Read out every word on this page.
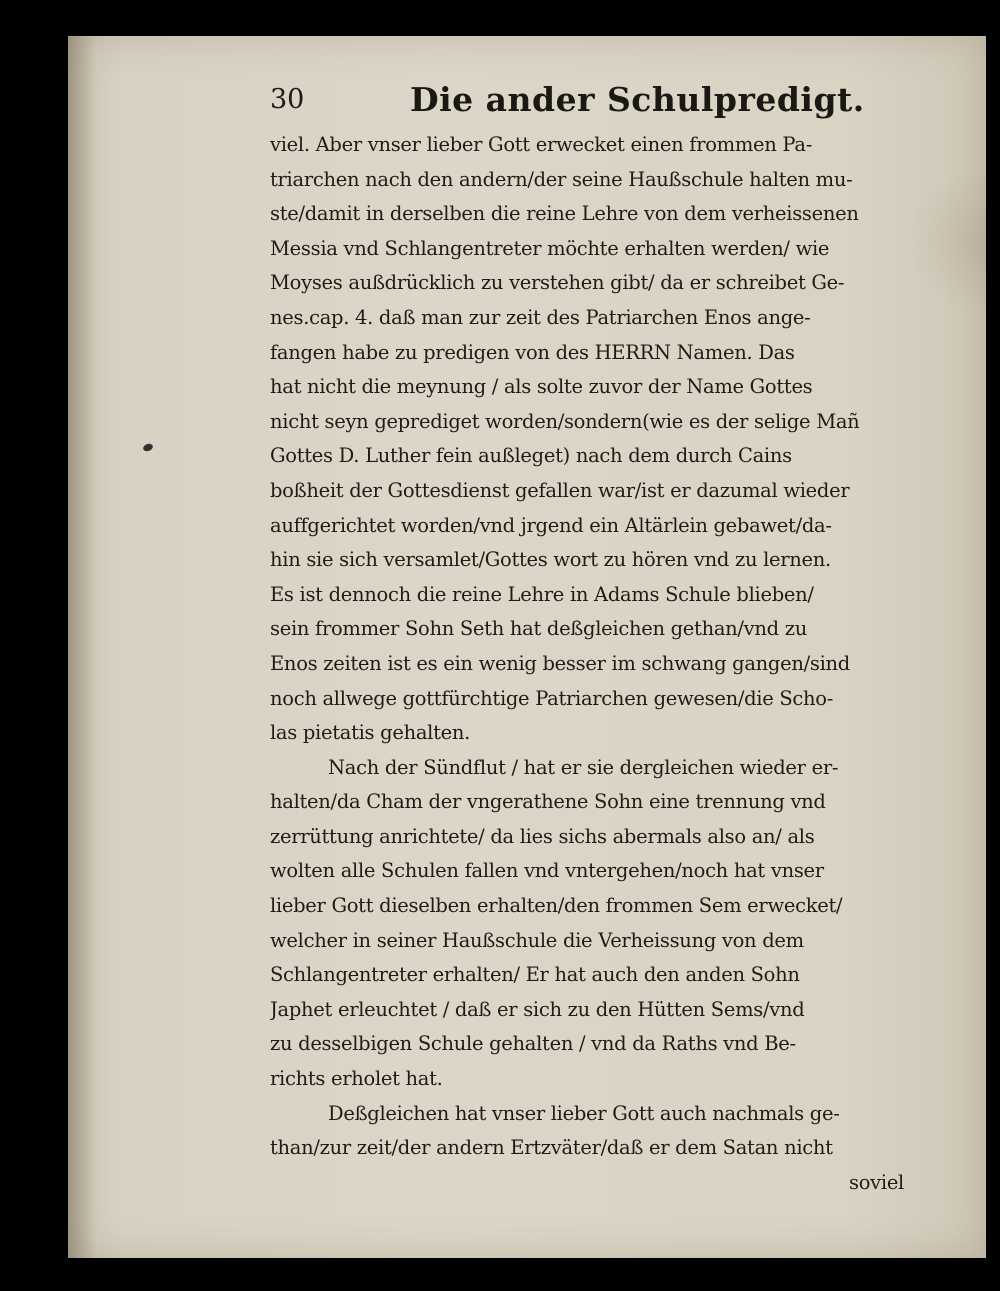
30	Die ander Schulpredigt.
viel. Aber vnser lieber Gott erwecket einen frommen Pa-
triarchen nach den andern/der seine Haußschule halten mu-
ste/damit in derselben die reine Lehre von dem verheissenen
Messia vnd Schlangentreter möchte erhalten werden/ wie
Moyses außdrücklich zu verstehen gibt/ da er schreibet Ge-
nes.cap. 4. daß man zur zeit des Patriarchen Enos ange-
fangen habe zu predigen von des HERRN Namen. Das
hat nicht die meynung / als solte zuvor der Name Gottes
nicht seyn geprediget worden/sondern(wie es der selige Mañ
Gottes D. Luther fein außleget) nach dem durch Cains
boßheit der Gottesdienst gefallen war/ist er dazumal wieder
auffgerichtet worden/vnd jrgend ein Altärlein gebawet/da-
hin sie sich versamlet/Gottes wort zu hören vnd zu lernen.
Es ist dennoch die reine Lehre in Adams Schule blieben/
sein frommer Sohn Seth hat deßgleichen gethan/vnd zu
Enos zeiten ist es ein wenig besser im schwang gangen/sind
noch allwege gottfürchtige Patriarchen gewesen/die Scho-
las pietatis gehalten.
Nach der Sündflut / hat er sie dergleichen wieder er-
halten/da Cham der vngerathene Sohn eine trennung vnd
zerrüttung anrichtete/ da lies sichs abermals also an/ als
wolten alle Schulen fallen vnd vntergehen/noch hat vnser
lieber Gott dieselben erhalten/den frommen Sem erwecket/
welcher in seiner Haußschule die Verheissung von dem
Schlangentreter erhalten/ Er hat auch den anden Sohn
Japhet erleuchtet / daß er sich zu den Hütten Sems/vnd
zu desselbigen Schule gehalten / vnd da Raths vnd Be-
richts erholet hat.
Deßgleichen hat vnser lieber Gott auch nachmals ge-
than/zur zeit/der andern Ertzväter/daß er dem Satan nicht
soviel
